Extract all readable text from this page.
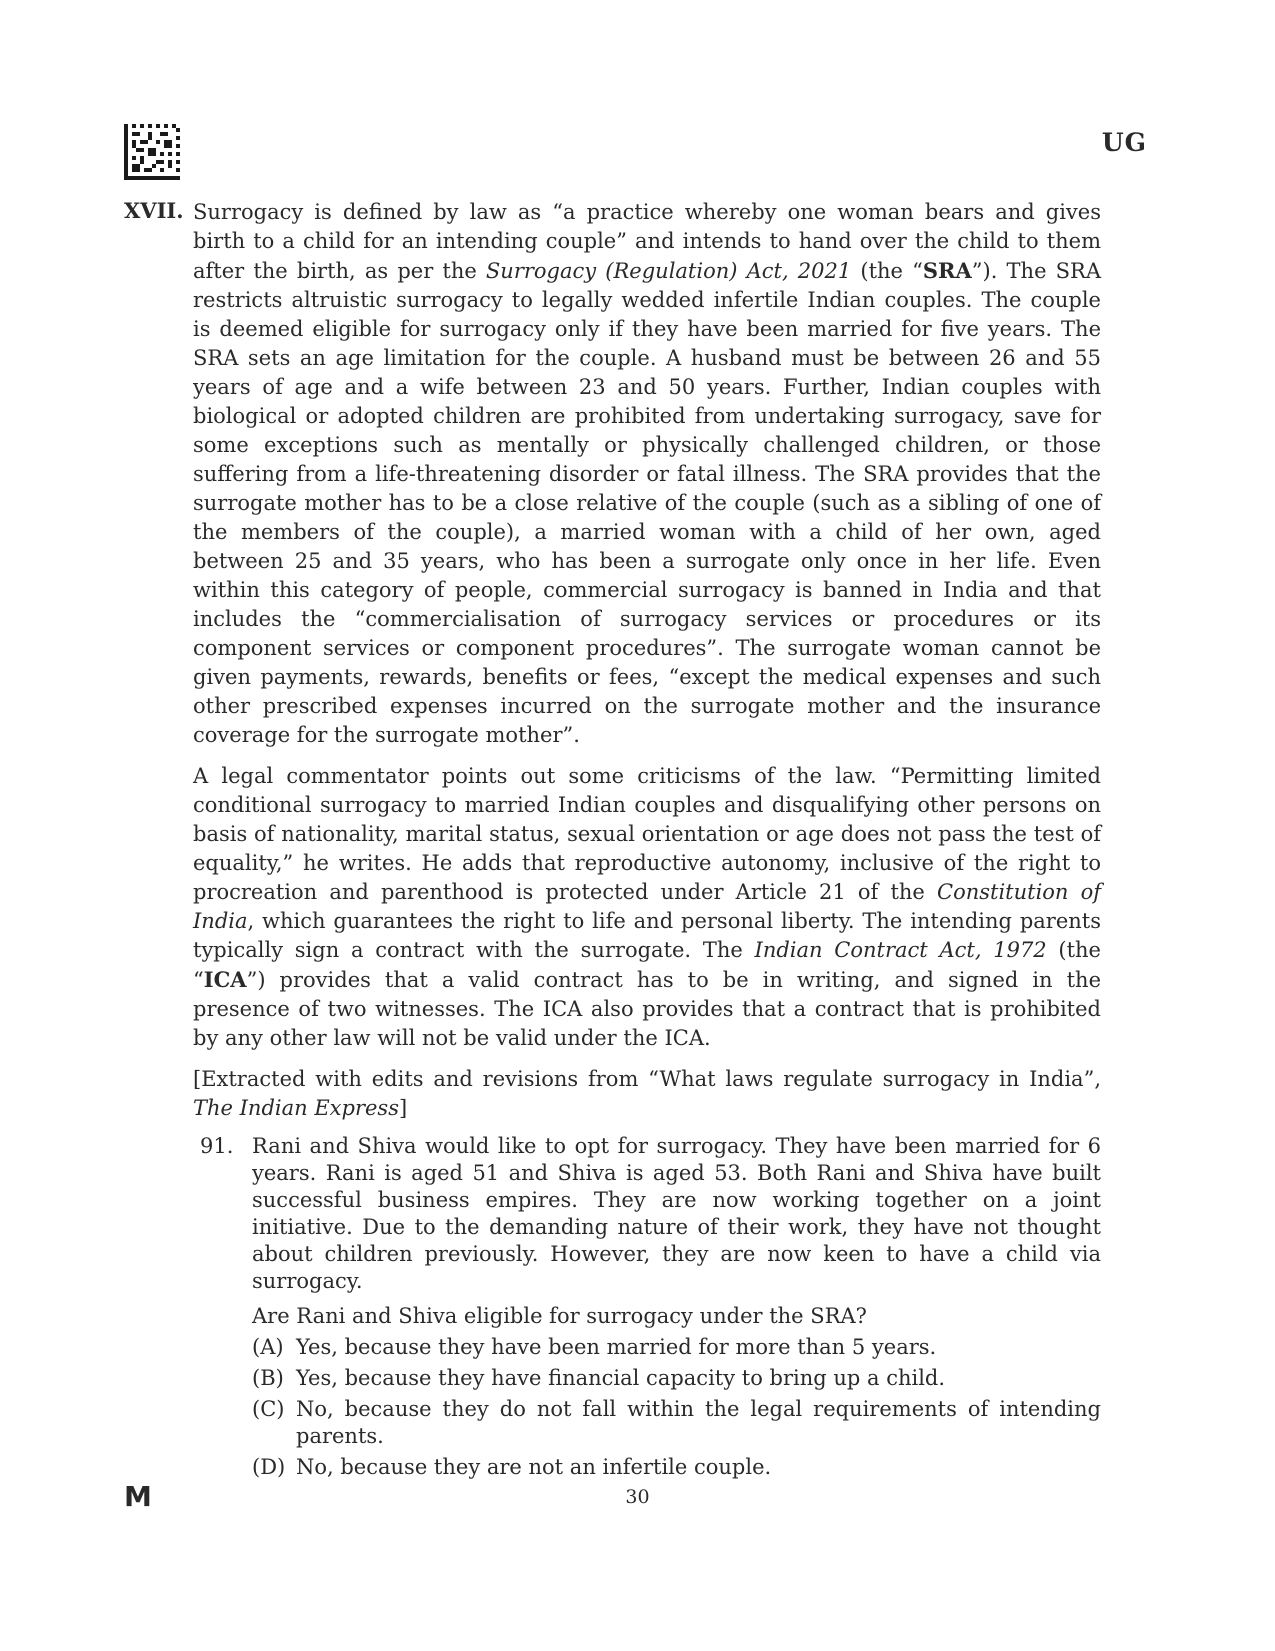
UG
XVII. Surrogacy is defined by law as “a practice whereby one woman bears and gives birth to a child for an intending couple” and intends to hand over the child to them after the birth, as per the Surrogacy (Regulation) Act, 2021 (the “SRA”). The SRA restricts altruistic surrogacy to legally wedded infertile Indian couples. The couple is deemed eligible for surrogacy only if they have been married for five years. The SRA sets an age limitation for the couple. A husband must be between 26 and 55 years of age and a wife between 23 and 50 years. Further, Indian couples with biological or adopted children are prohibited from undertaking surrogacy, save for some exceptions such as mentally or physically challenged children, or those suffering from a life-threatening disorder or fatal illness. The SRA provides that the surrogate mother has to be a close relative of the couple (such as a sibling of one of the members of the couple), a married woman with a child of her own, aged between 25 and 35 years, who has been a surrogate only once in her life. Even within this category of people, commercial surrogacy is banned in India and that includes the “commercialisation of surrogacy services or procedures or its component services or component procedures”. The surrogate woman cannot be given payments, rewards, benefits or fees, “except the medical expenses and such other prescribed expenses incurred on the surrogate mother and the insurance coverage for the surrogate mother”.

A legal commentator points out some criticisms of the law. “Permitting limited conditional surrogacy to married Indian couples and disqualifying other persons on basis of nationality, marital status, sexual orientation or age does not pass the test of equality,” he writes. He adds that reproductive autonomy, inclusive of the right to procreation and parenthood is protected under Article 21 of the Constitution of India, which guarantees the right to life and personal liberty. The intending parents typically sign a contract with the surrogate. The Indian Contract Act, 1972 (the “ICA”) provides that a valid contract has to be in writing, and signed in the presence of two witnesses. The ICA also provides that a contract that is prohibited by any other law will not be valid under the ICA.

[Extracted with edits and revisions from “What laws regulate surrogacy in India”, The Indian Express]

91. Rani and Shiva would like to opt for surrogacy. They have been married for 6 years. Rani is aged 51 and Shiva is aged 53. Both Rani and Shiva have built successful business empires. They are now working together on a joint initiative. Due to the demanding nature of their work, they have not thought about children previously. However, they are now keen to have a child via surrogacy.
Are Rani and Shiva eligible for surrogacy under the SRA?
(A) Yes, because they have been married for more than 5 years.
(B) Yes, because they have financial capacity to bring up a child.
(C) No, because they do not fall within the legal requirements of intending parents.
(D) No, because they are not an infertile couple.
M	30
